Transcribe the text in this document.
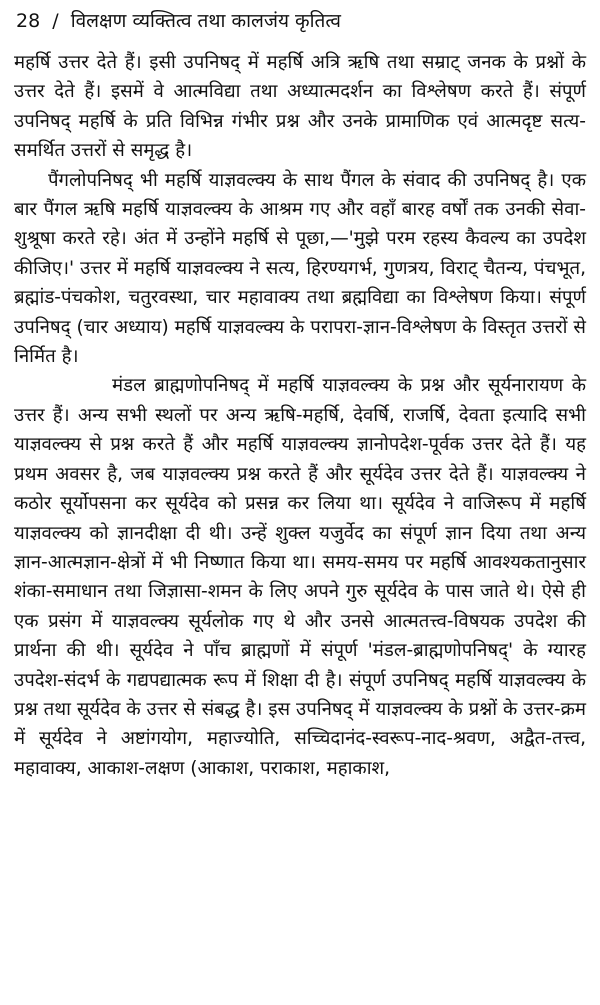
28 / विलक्षण व्यक्तित्व तथा कालजंय कृतित्व

महर्षि उत्तर देते हैं। इसी उपनिषद् में महर्षि अत्रि ऋषि तथा सम्राट् जनक के प्रश्नों के उत्तर देते हैं। इसमें वे आत्मविद्या तथा अध्यात्मदर्शन का विश्लेषण करते हैं। संपूर्ण उपनिषद् महर्षि के प्रति विभिन्न गंभीर प्रश्न और उनके प्रामाणिक एवं आत्मदृष्ट सत्य-समर्थित उत्तरों से समृद्ध है।

पैंगलोपनिषद् भी महर्षि याज्ञवल्क्य के साथ पैंगल के संवाद की उपनिषद् है। एक बार पैंगल ऋषि महर्षि याज्ञवल्क्य के आश्रम गए और वहाँ बारह वर्षों तक उनकी सेवा-शुश्रूषा करते रहे। अंत में उन्होंने महर्षि से पूछा,—'मुझे परम रहस्य कैवल्य का उपदेश कीजिए।' उत्तर में महर्षि याज्ञवल्क्य ने सत्य, हिरण्यगर्भ, गुणत्रय, विराट् चैतन्य, पंचभूत, ब्रह्मांड-पंचकोश, चतुरवस्था, चार महावाक्य तथा ब्रह्मविद्या का विश्लेषण किया। संपूर्ण उपनिषद् (चार अध्याय) महर्षि याज्ञवल्क्य के परापरा-ज्ञान-विश्लेषण के विस्तृत उत्तरों से निर्मित है।

मंडल ब्राह्मणोपनिषद् में महर्षि याज्ञवल्क्य के प्रश्न और सूर्यनारायण के उत्तर हैं। अन्य सभी स्थलों पर अन्य ऋषि-महर्षि, देवर्षि, राजर्षि, देवता इत्यादि सभी याज्ञवल्क्य से प्रश्न करते हैं और महर्षि याज्ञवल्क्य ज्ञानोपदेश-पूर्वक उत्तर देते हैं। यह प्रथम अवसर है, जब याज्ञवल्क्य प्रश्न करते हैं और सूर्यदेव उत्तर देते हैं। याज्ञवल्क्य ने कठोर सूर्योपसना कर सूर्यदेव को प्रसन्न कर लिया था। सूर्यदेव ने वाजिरूप में महर्षि याज्ञवल्क्य को ज्ञानदीक्षा दी थी। उन्हें शुक्ल यजुर्वेद का संपूर्ण ज्ञान दिया तथा अन्य ज्ञान-आत्मज्ञान-क्षेत्रों में भी निष्णात किया था। समय-समय पर महर्षि आवश्यकतानुसार शंका-समाधान तथा जिज्ञासा-शमन के लिए अपने गुरु सूर्यदेव के पास जाते थे। ऐसे ही एक प्रसंग में याज्ञवल्क्य सूर्यलोक गए थे और उनसे आत्मतत्त्व-विषयक उपदेश की प्रार्थना की थी। सूर्यदेव ने पाँच ब्राह्मणों में संपूर्ण 'मंडल-ब्राह्मणोपनिषद्' के ग्यारह उपदेश-संदर्भ के गद्यपद्यात्मक रूप में शिक्षा दी है। संपूर्ण उपनिषद् महर्षि याज्ञवल्क्य के प्रश्न तथा सूर्यदेव के उत्तर से संबद्ध है। इस उपनिषद् में याज्ञवल्क्य के प्रश्नों के उत्तर-क्रम में सूर्यदेव ने अष्टांगयोग, महाज्योति, सच्चिदानंद-स्वरूप-नाद-श्रवण, अद्वैत-तत्त्व, महावाक्य, आकाश-लक्षण (आकाश, पराकाश, महाकाश,
